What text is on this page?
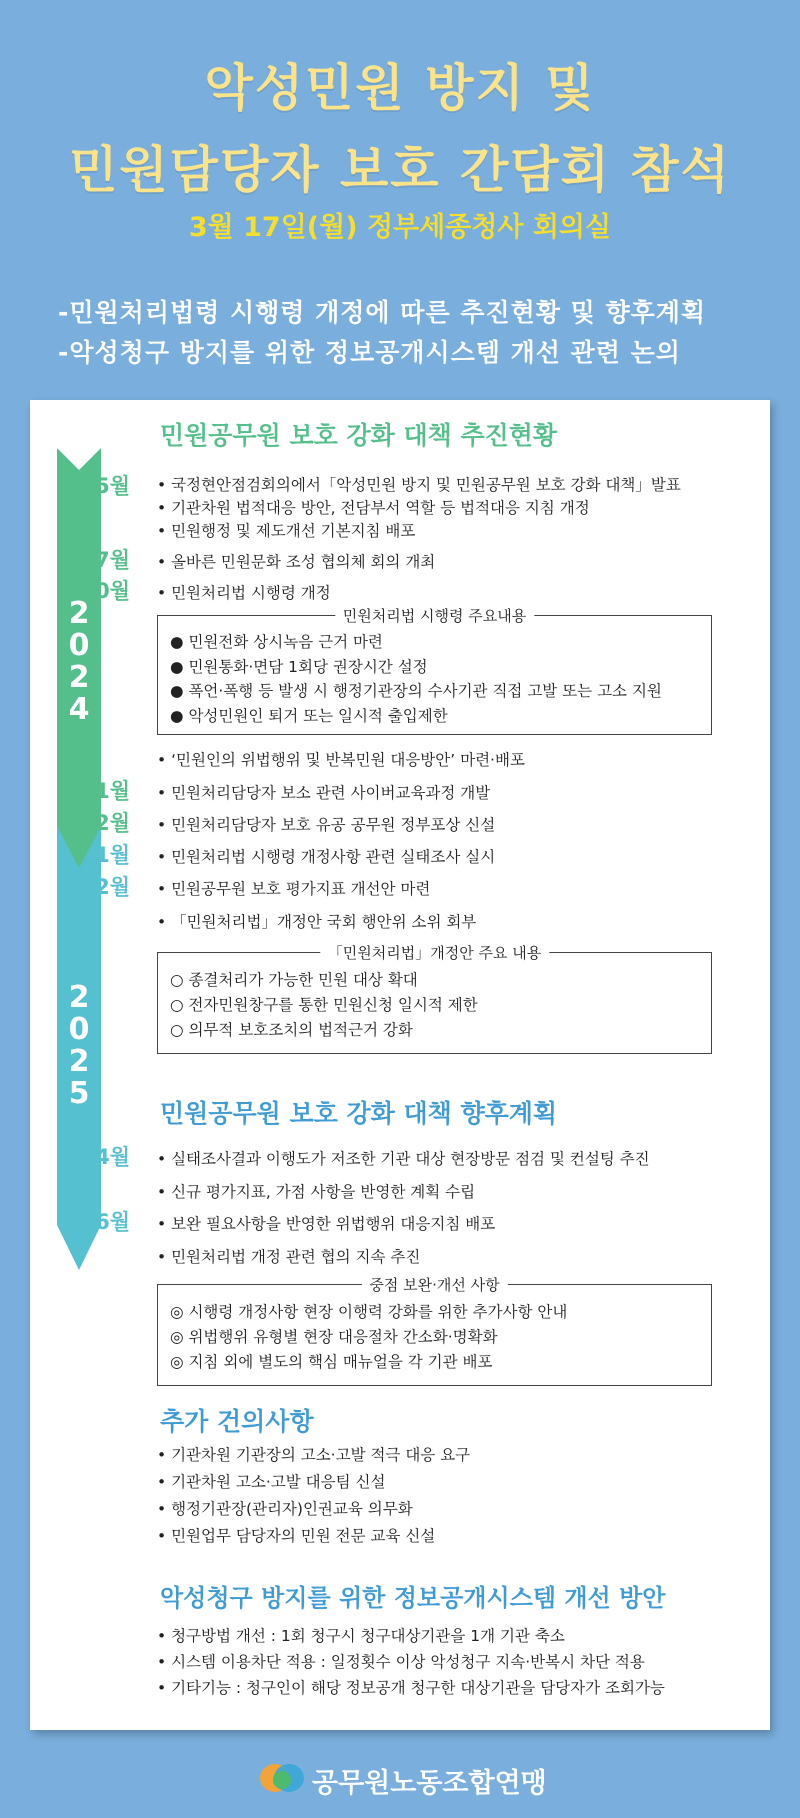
악성민원 방지 및
민원담당자 보호 간담회 참석
3월 17일(월) 정부세종청사 회의실
-민원처리법령 시행령 개정에 따른 추진현황 및 향후계획
-악성청구 방지를 위한 정보공개시스템 개선 관련 논의
2
0
2
4
2
0
2
5
민원공무원 보호 강화 대책 추진현황
5월	• 국정현안점검회의에서「악성민원 방지 및 민원공무원 보호 강화 대책」발표
• 기관차원 법적대응 방안, 전담부서 역할 등 법적대응 지침 개정
• 민원행정 및 제도개선 기본지침 배포
7월	• 올바른 민원문화 조성 협의체 회의 개최
10월	• 민원처리법 시행령 개정
민원처리법 시행령 주요내용
● 민원전화 상시녹음 근거 마련
● 민원통화·면담 1회당 권장시간 설정
● 폭언·폭행 등 발생 시 행정기관장의 수사기관 직접 고발 또는 고소 지원
● 악성민원인 퇴거 또는 일시적 출입제한
• ‘민원인의 위법행위 및 반복민원 대응방안’ 마련·배포
11월	• 민원처리담당자 보소 관련 사이버교육과정 개발
12월	• 민원처리담당자 보호 유공 공무원 정부포상 신설
1월	• 민원처리법 시행령 개정사항 관련 실태조사 실시
2월	• 민원공무원 보호 평가지표 개선안 마련
• 「민원처리법」개정안 국회 행안위 소위 회부
「민원처리법」개정안 주요 내용
○ 종결처리가 가능한 민원 대상 확대
○ 전자민원창구를 통한 민원신청 일시적 제한
○ 의무적 보호조치의 법적근거 강화
민원공무원 보호 강화 대책 향후계획
4월	• 실태조사결과 이행도가 저조한 기관 대상 현장방문 점검 및 컨설팅 추진
• 신규 평가지표, 가점 사항을 반영한 계획 수립
6월	• 보완 필요사항을 반영한 위법행위 대응지침 배포
• 민원처리법 개정 관련 협의 지속 추진
중점 보완·개선 사항
◎ 시행령 개정사항 현장 이행력 강화를 위한 추가사항 안내
◎ 위법행위 유형별 현장 대응절차 간소화·명확화
◎ 지침 외에 별도의 핵심 매뉴얼을 각 기관 배포
추가 건의사항
• 기관차원 기관장의 고소·고발 적극 대응 요구
• 기관차원 고소·고발 대응팀 신설
• 행정기관장(관리자)인권교육 의무화
• 민원업무 담당자의 민원 전문 교육 신설
악성청구 방지를 위한 정보공개시스템 개선 방안
• 청구방법 개선 : 1회 청구시 청구대상기관을 1개 기관 축소
• 시스템 이용차단 적용 : 일정횟수 이상 악성청구 지속·반복시 차단 적용
• 기타기능 : 청구인이 해당 정보공개 청구한 대상기관을 담당자가 조회가능
공무원노동조합연맹
